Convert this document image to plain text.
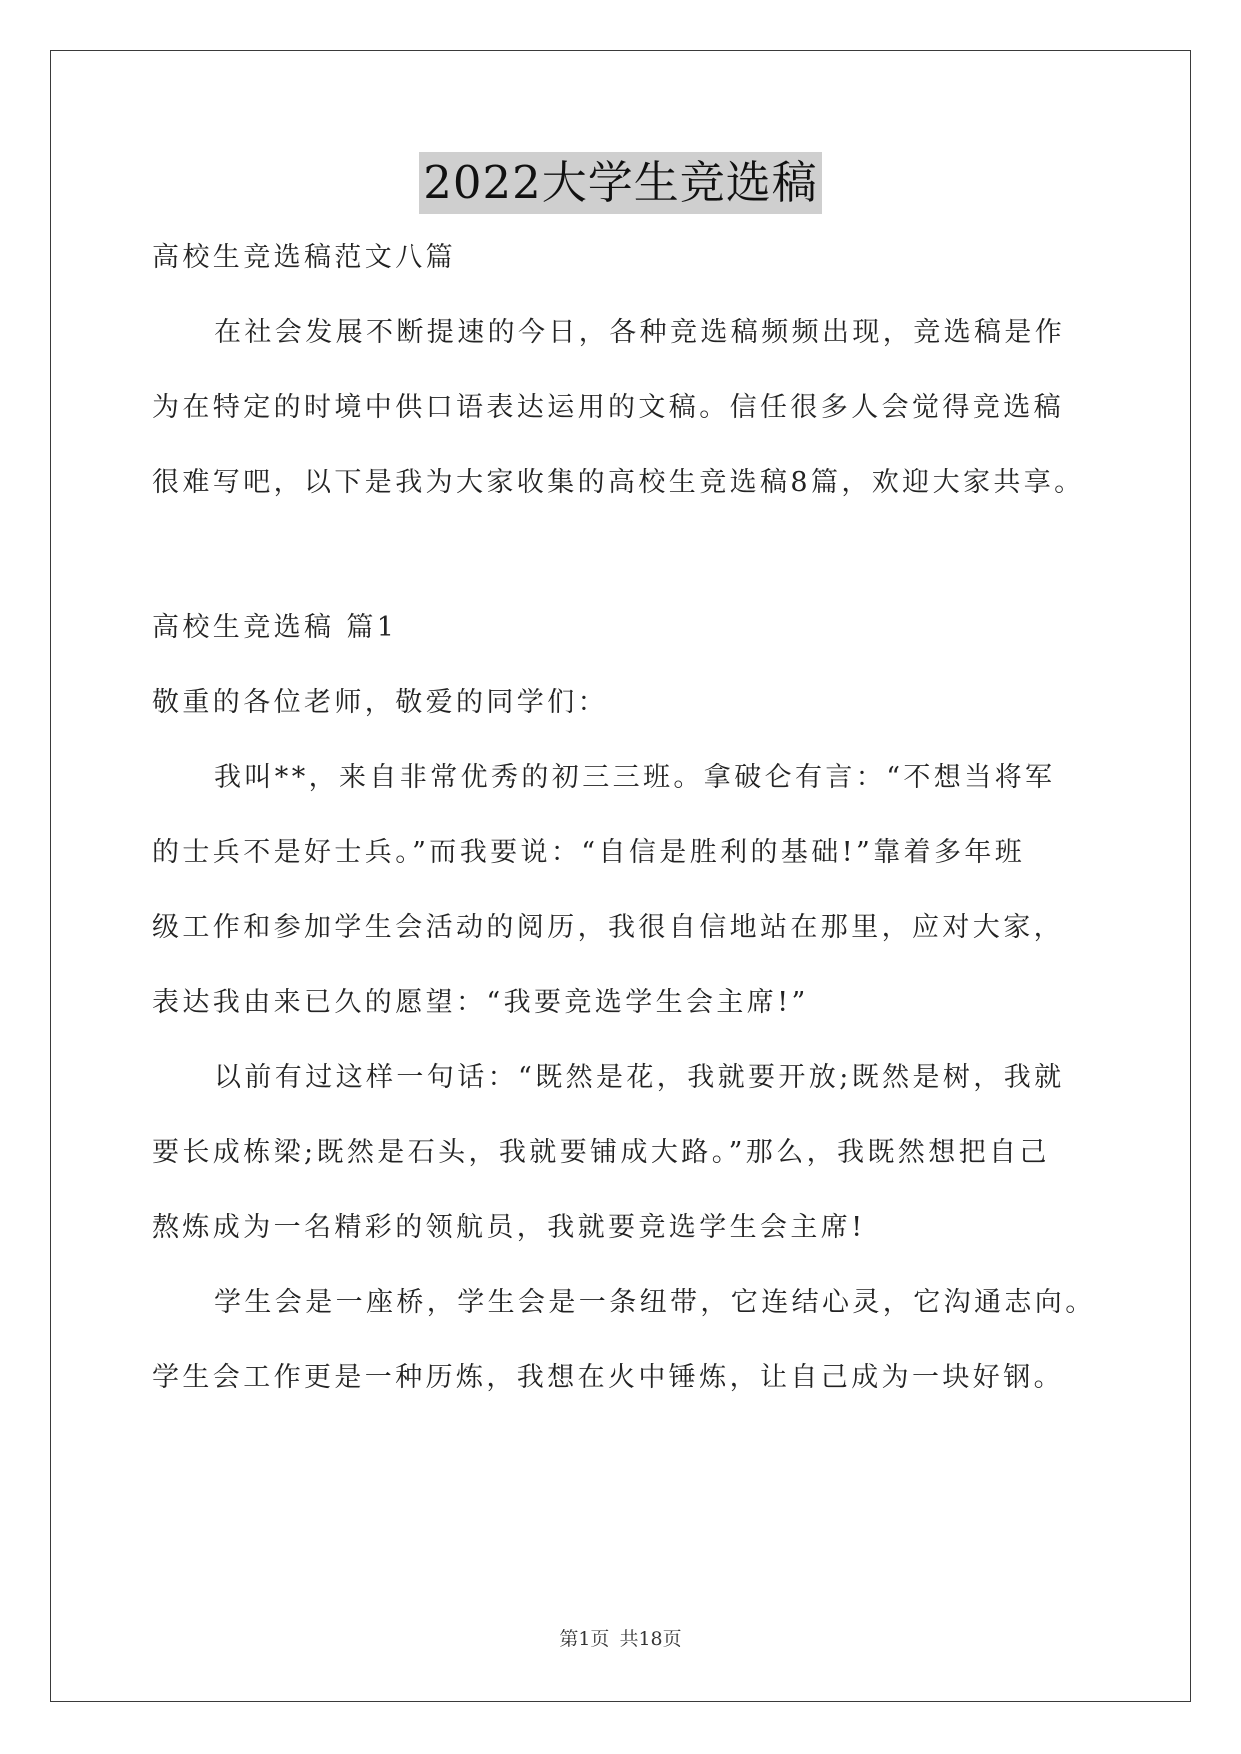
2022大学生竞选稿
高校生竞选稿范文八篇
在社会发展不断提速的今日，各种竞选稿频频出现，竞选稿是作
为在特定的时境中供口语表达运用的文稿。信任很多人会觉得竞选稿
很难写吧，以下是我为大家收集的高校生竞选稿8篇，欢迎大家共享。
高校生竞选稿 篇1
敬重的各位老师，敬爱的同学们：
我叫**，来自非常优秀的初三三班。拿破仑有言：“不想当将军
的士兵不是好士兵。”而我要说：“自信是胜利的基础!”靠着多年班
级工作和参加学生会活动的阅历，我很自信地站在那里，应对大家，
表达我由来已久的愿望：“我要竞选学生会主席!”
以前有过这样一句话：“既然是花，我就要开放;既然是树，我就
要长成栋梁;既然是石头，我就要铺成大路。”那么，我既然想把自己
熬炼成为一名精彩的领航员，我就要竞选学生会主席!
学生会是一座桥，学生会是一条纽带，它连结心灵，它沟通志向。
学生会工作更是一种历炼，我想在火中锤炼，让自己成为一块好钢。
第1页 共18页
